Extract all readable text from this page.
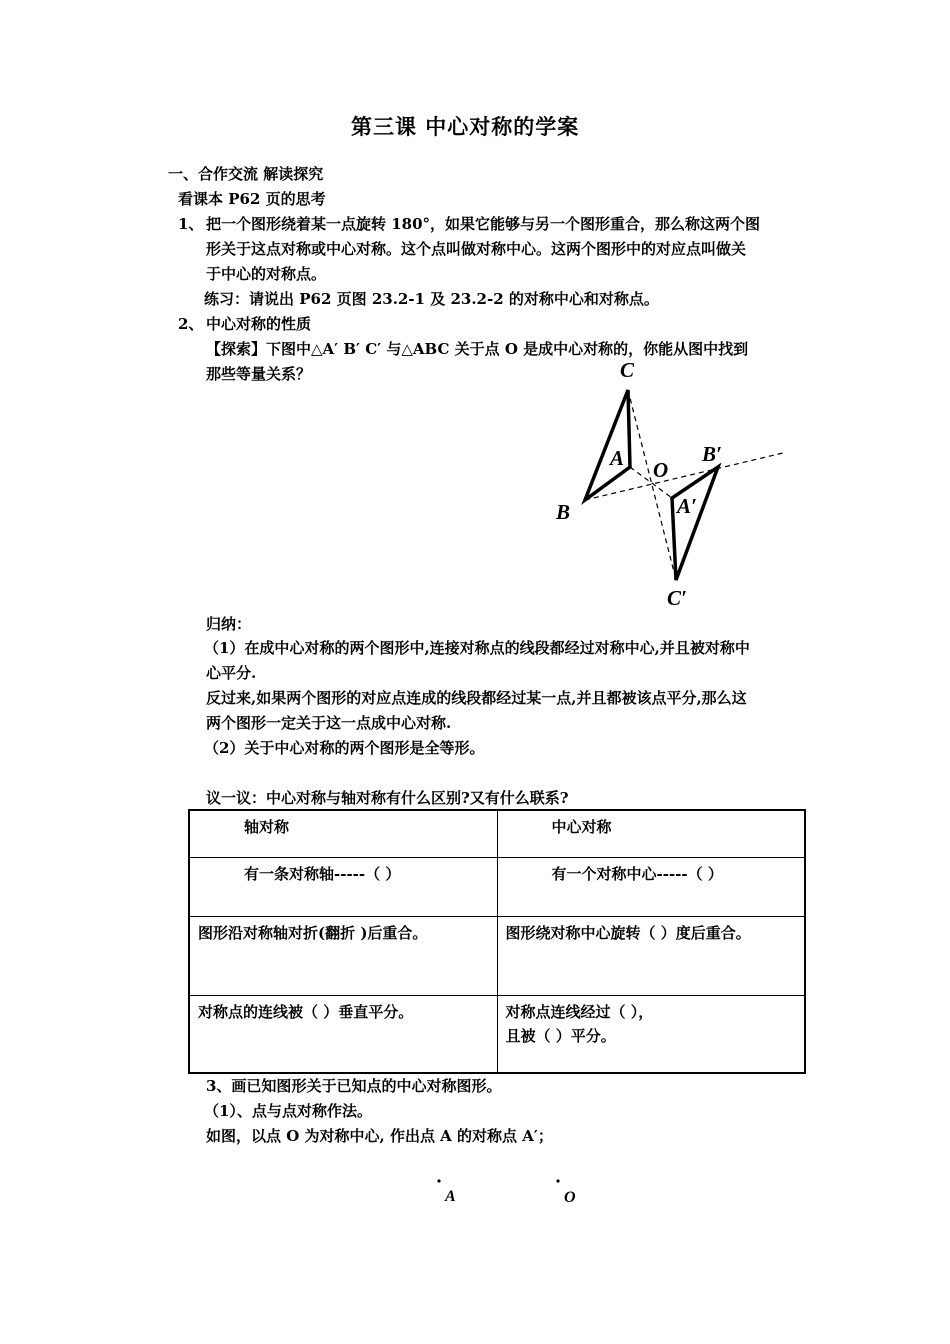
第三课 中心对称的学案
一、合作交流 解读探究
看课本 P62 页的思考
1、 把一个图形绕着某一点旋转 180°，如果它能够与另一个图形重合，那么称这两个图
形关于这点对称或中心对称。这个点叫做对称中心。这两个图形中的对应点叫做关
于中心的对称点。
练习：请说出 P62 页图 23.2-1 及 23.2-2 的对称中心和对称点。
2、 中心对称的性质
【探索】下图中△A′ B′ C′ 与△ABC 关于点 O 是成中心对称的，你能从图中找到
那些等量关系？	C
A O
B
B′
A′
C′
归纳：
（1）在成中心对称的两个图形中,连接对称点的线段都经过对称中心,并且被对称中
心平分.
反过来,如果两个图形的对应点连成的线段都经过某一点,并且都被该点平分,那么这
两个图形一定关于这一点成中心对称.
（2）关于中心对称的两个图形是全等形。
议一议：中心对称与轴对称有什么区别?又有什么联系?
轴对称	中心对称
有一条对称轴-----（ ）	有一个对称中心-----（ ）
图形沿对称轴对折(翻折 )后重合。	图形绕对称中心旋转（ ）度后重合。
对称点的连线被（ ）垂直平分。	对称点连线经过（ ），
且被（ ）平分。
3、画已知图形关于已知点的中心对称图形。
（1）、点与点对称作法。
如图，以点 O 为对称中心, 作出点 A 的对称点 A′；
A	O
